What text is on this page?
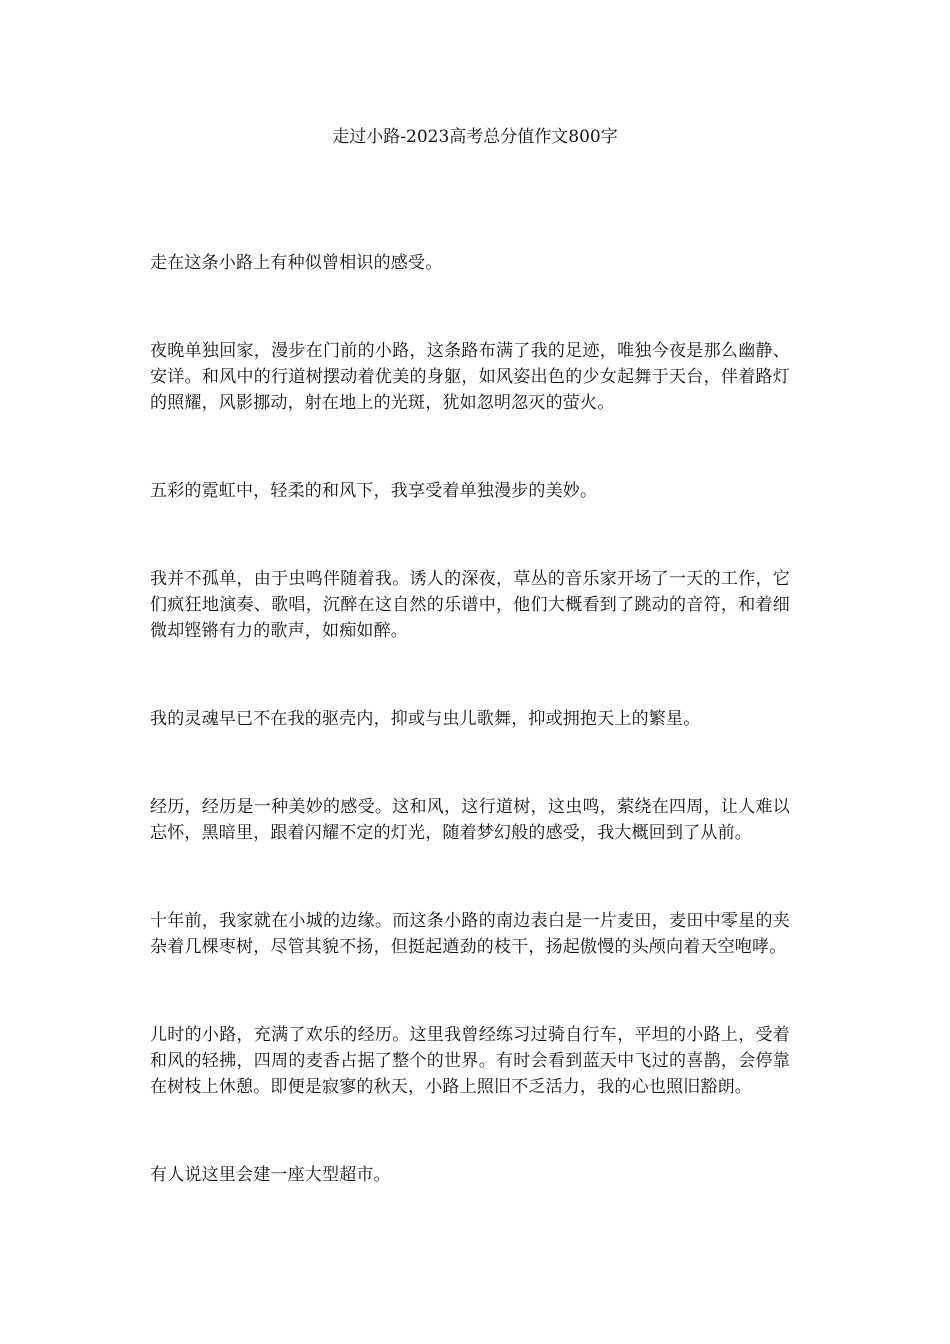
走过小路-2023高考总分值作文800字

走在这条小路上有种似曾相识的感受。

夜晚单独回家，漫步在门前的小路，这条路布满了我的足迹，唯独今夜是那么幽静、安详。和风中的行道树摆动着优美的身躯，如风姿出色的少女起舞于天台，伴着路灯的照耀，风影挪动，射在地上的光斑，犹如忽明忽灭的萤火。

五彩的霓虹中，轻柔的和风下，我享受着单独漫步的美妙。

我并不孤单，由于虫鸣伴随着我。诱人的深夜，草丛的音乐家开场了一天的工作，它们疯狂地演奏、歌唱，沉醉在这自然的乐谱中，他们大概看到了跳动的音符，和着细微却铿锵有力的歌声，如痴如醉。

我的灵魂早已不在我的驱壳内，抑或与虫儿歌舞，抑或拥抱天上的繁星。

经历，经历是一种美妙的感受。这和风，这行道树，这虫鸣，萦绕在四周，让人难以忘怀，黑暗里，跟着闪耀不定的灯光，随着梦幻般的感受，我大概回到了从前。

十年前，我家就在小城的边缘。而这条小路的南边表白是一片麦田，麦田中零星的夹杂着几棵枣树，尽管其貌不扬，但挺起遒劲的枝干，扬起傲慢的头颅向着天空咆哮。

儿时的小路，充满了欢乐的经历。这里我曾经练习过骑自行车，平坦的小路上，受着和风的轻拂，四周的麦香占据了整个的世界。有时会看到蓝天中飞过的喜鹊，会停靠在树枝上休憩。即便是寂寥的秋天，小路上照旧不乏活力，我的心也照旧豁朗。

有人说这里会建一座大型超市。
